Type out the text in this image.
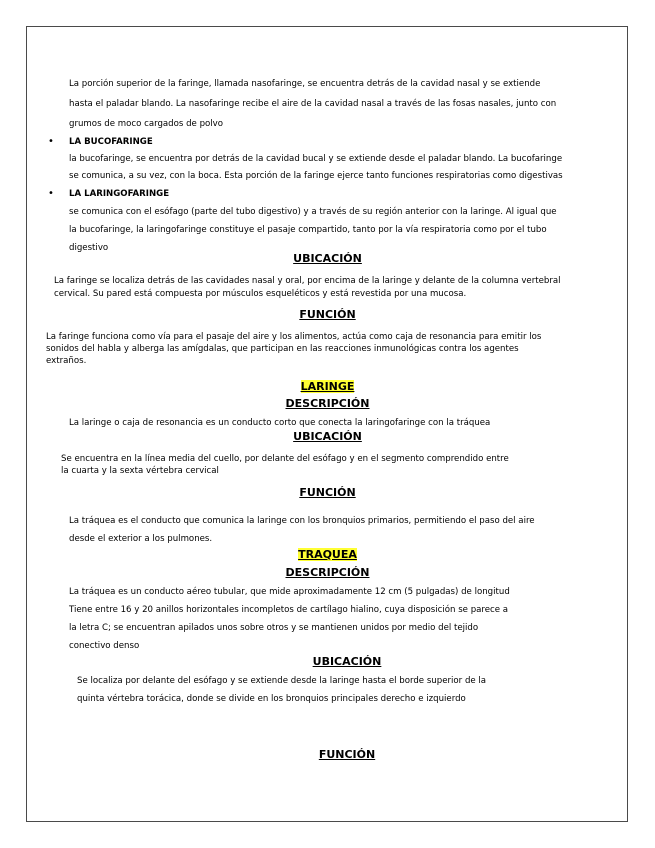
La porción superior de la faringe, llamada nasofaringe, se encuentra detrás de la cavidad nasal y se extiende
hasta el paladar blando. La nasofaringe recibe el aire de la cavidad nasal a través de las fosas nasales, junto con
grumos de moco cargados de polvo
• LA BUCOFARINGE
la bucofaringe, se encuentra por detrás de la cavidad bucal y se extiende desde el paladar blando. La bucofaringe
se comunica, a su vez, con la boca. Esta porción de la faringe ejerce tanto funciones respiratorias como digestivas
• LA LARINGOFARINGE
se comunica con el esófago (parte del tubo digestivo) y a través de su región anterior con la laringe. Al igual que
la bucofaringe, la laringofaringe constituye el pasaje compartido, tanto por la vía respiratoria como por el tubo
digestivo
UBICACIÓN
La faringe se localiza detrás de las cavidades nasal y oral, por encima de la laringe y delante de la columna vertebral
cervical. Su pared está compuesta por músculos esqueléticos y está revestida por una mucosa.
FUNCIÓN
La faringe funciona como vía para el pasaje del aire y los alimentos, actúa como caja de resonancia para emitir los
sonidos del habla y alberga las amígdalas, que participan en las reacciones inmunológicas contra los agentes
extraños.
LARINGE
DESCRIPCIÓN
La laringe o caja de resonancia es un conducto corto que conecta la laringofaringe con la tráquea
UBICACIÓN
Se encuentra en la línea media del cuello, por delante del esófago y en el segmento comprendido entre
la cuarta y la sexta vértebra cervical
FUNCIÓN
La tráquea es el conducto que comunica la laringe con los bronquios primarios, permitiendo el paso del aire
desde el exterior a los pulmones.
TRAQUEA
DESCRIPCIÓN
La tráquea es un conducto aéreo tubular, que mide aproximadamente 12 cm (5 pulgadas) de longitud
Tiene entre 16 y 20 anillos horizontales incompletos de cartílago hialino, cuya disposición se parece a
la letra C; se encuentran apilados unos sobre otros y se mantienen unidos por medio del tejido
conectivo denso
UBICACIÓN
Se localiza por delante del esófago y se extiende desde la laringe hasta el borde superior de la
quinta vértebra torácica, donde se divide en los bronquios principales derecho e izquierdo
FUNCIÓN
